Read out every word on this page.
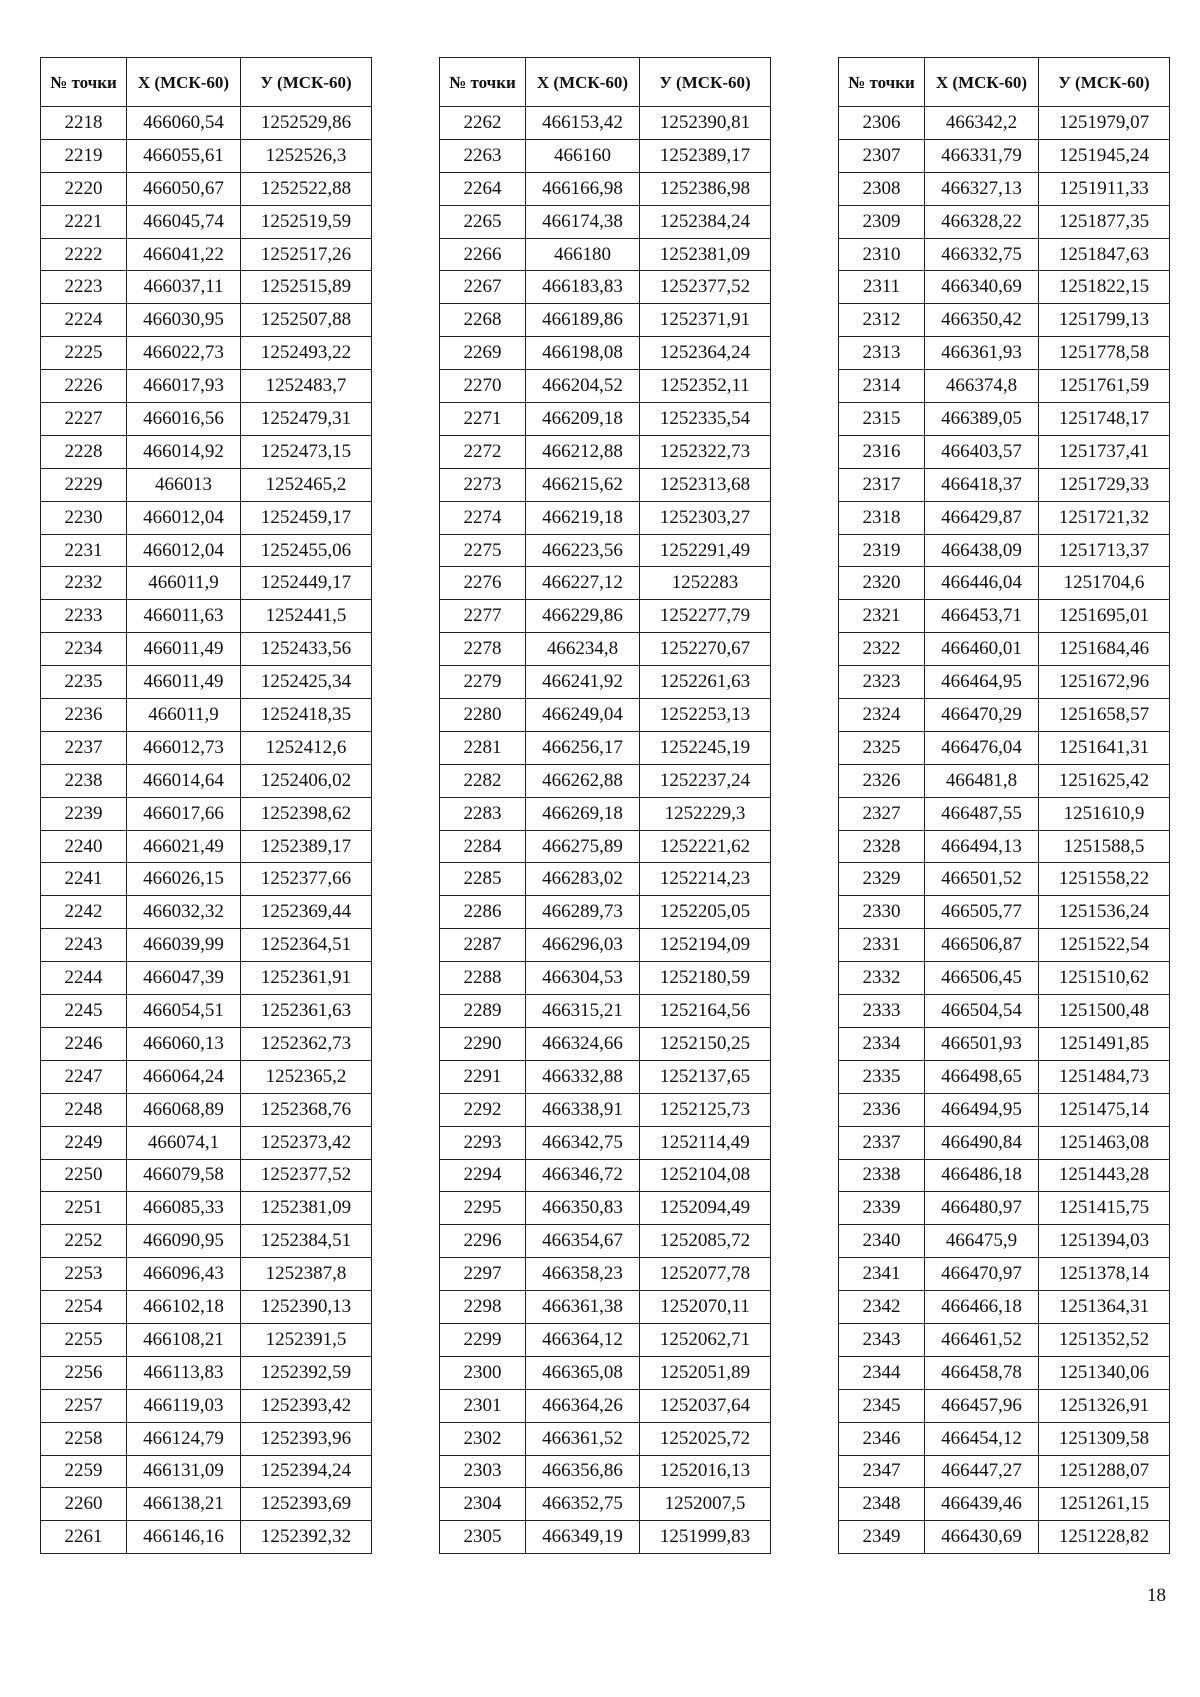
№ точки	Х (МСК-60)	У (МСК-60)
2218	466060,54	1252529,86
2219	466055,61	1252526,3
2220	466050,67	1252522,88
2221	466045,74	1252519,59
2222	466041,22	1252517,26
2223	466037,11	1252515,89
2224	466030,95	1252507,88
2225	466022,73	1252493,22
2226	466017,93	1252483,7
2227	466016,56	1252479,31
2228	466014,92	1252473,15
2229	466013	1252465,2
2230	466012,04	1252459,17
2231	466012,04	1252455,06
2232	466011,9	1252449,17
2233	466011,63	1252441,5
2234	466011,49	1252433,56
2235	466011,49	1252425,34
2236	466011,9	1252418,35
2237	466012,73	1252412,6
2238	466014,64	1252406,02
2239	466017,66	1252398,62
2240	466021,49	1252389,17
2241	466026,15	1252377,66
2242	466032,32	1252369,44
2243	466039,99	1252364,51
2244	466047,39	1252361,91
2245	466054,51	1252361,63
2246	466060,13	1252362,73
2247	466064,24	1252365,2
2248	466068,89	1252368,76
2249	466074,1	1252373,42
2250	466079,58	1252377,52
2251	466085,33	1252381,09
2252	466090,95	1252384,51
2253	466096,43	1252387,8
2254	466102,18	1252390,13
2255	466108,21	1252391,5
2256	466113,83	1252392,59
2257	466119,03	1252393,42
2258	466124,79	1252393,96
2259	466131,09	1252394,24
2260	466138,21	1252393,69
2261	466146,16	1252392,32
№ точки	Х (МСК-60)	У (МСК-60)
2262	466153,42	1252390,81
2263	466160	1252389,17
2264	466166,98	1252386,98
2265	466174,38	1252384,24
2266	466180	1252381,09
2267	466183,83	1252377,52
2268	466189,86	1252371,91
2269	466198,08	1252364,24
2270	466204,52	1252352,11
2271	466209,18	1252335,54
2272	466212,88	1252322,73
2273	466215,62	1252313,68
2274	466219,18	1252303,27
2275	466223,56	1252291,49
2276	466227,12	1252283
2277	466229,86	1252277,79
2278	466234,8	1252270,67
2279	466241,92	1252261,63
2280	466249,04	1252253,13
2281	466256,17	1252245,19
2282	466262,88	1252237,24
2283	466269,18	1252229,3
2284	466275,89	1252221,62
2285	466283,02	1252214,23
2286	466289,73	1252205,05
2287	466296,03	1252194,09
2288	466304,53	1252180,59
2289	466315,21	1252164,56
2290	466324,66	1252150,25
2291	466332,88	1252137,65
2292	466338,91	1252125,73
2293	466342,75	1252114,49
2294	466346,72	1252104,08
2295	466350,83	1252094,49
2296	466354,67	1252085,72
2297	466358,23	1252077,78
2298	466361,38	1252070,11
2299	466364,12	1252062,71
2300	466365,08	1252051,89
2301	466364,26	1252037,64
2302	466361,52	1252025,72
2303	466356,86	1252016,13
2304	466352,75	1252007,5
2305	466349,19	1251999,83
№ точки	Х (МСК-60)	У (МСК-60)
2306	466342,2	1251979,07
2307	466331,79	1251945,24
2308	466327,13	1251911,33
2309	466328,22	1251877,35
2310	466332,75	1251847,63
2311	466340,69	1251822,15
2312	466350,42	1251799,13
2313	466361,93	1251778,58
2314	466374,8	1251761,59
2315	466389,05	1251748,17
2316	466403,57	1251737,41
2317	466418,37	1251729,33
2318	466429,87	1251721,32
2319	466438,09	1251713,37
2320	466446,04	1251704,6
2321	466453,71	1251695,01
2322	466460,01	1251684,46
2323	466464,95	1251672,96
2324	466470,29	1251658,57
2325	466476,04	1251641,31
2326	466481,8	1251625,42
2327	466487,55	1251610,9
2328	466494,13	1251588,5
2329	466501,52	1251558,22
2330	466505,77	1251536,24
2331	466506,87	1251522,54
2332	466506,45	1251510,62
2333	466504,54	1251500,48
2334	466501,93	1251491,85
2335	466498,65	1251484,73
2336	466494,95	1251475,14
2337	466490,84	1251463,08
2338	466486,18	1251443,28
2339	466480,97	1251415,75
2340	466475,9	1251394,03
2341	466470,97	1251378,14
2342	466466,18	1251364,31
2343	466461,52	1251352,52
2344	466458,78	1251340,06
2345	466457,96	1251326,91
2346	466454,12	1251309,58
2347	466447,27	1251288,07
2348	466439,46	1251261,15
2349	466430,69	1251228,82
18
